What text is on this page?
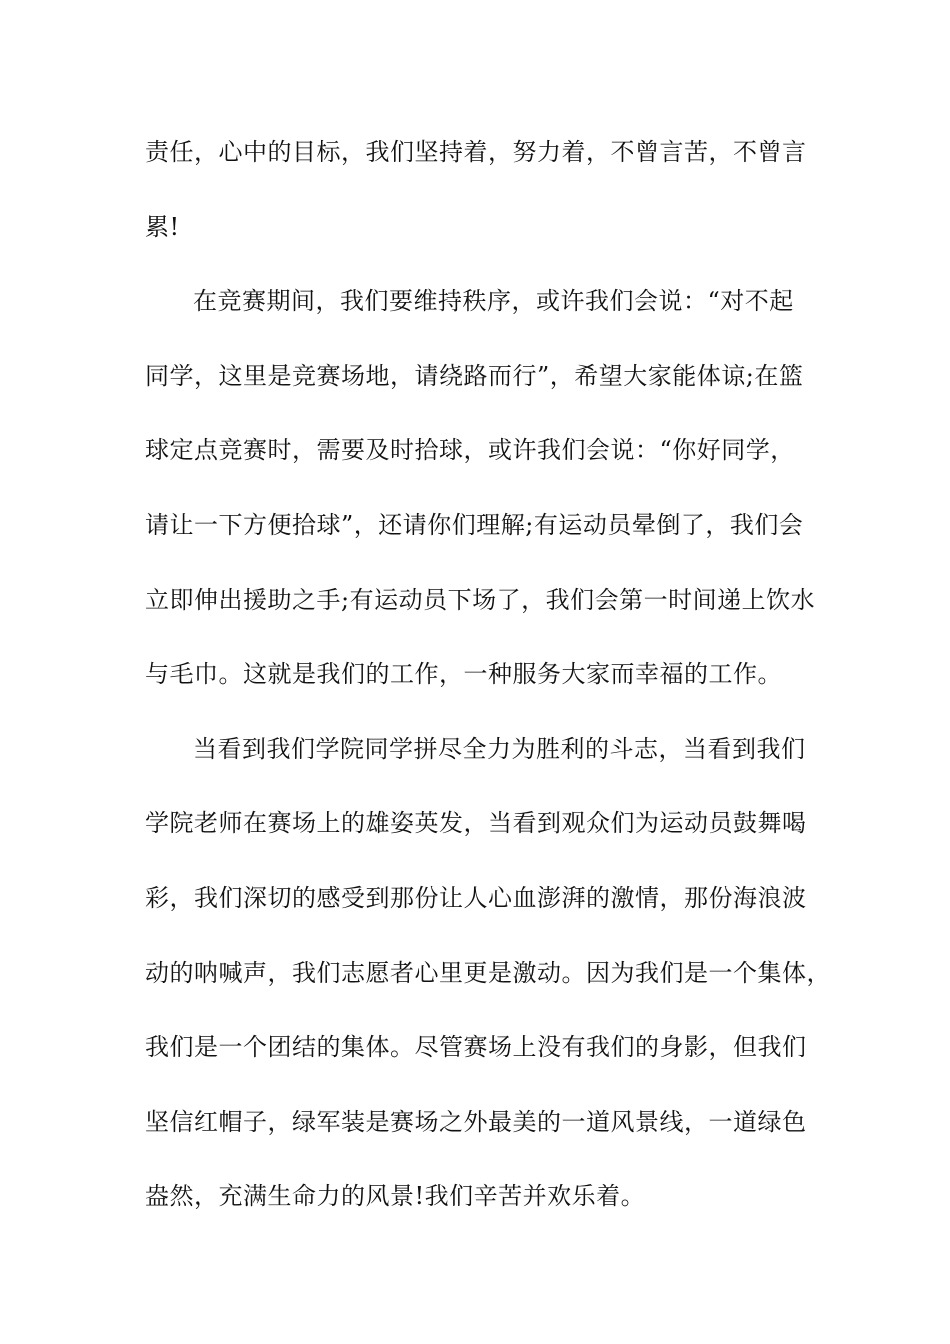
责任，心中的目标，我们坚持着，努力着，不曾言苦，不曾言
累!
在竞赛期间，我们要维持秩序，或许我们会说：“对不起
同学，这里是竞赛场地，请绕路而行”，希望大家能体谅;在篮
球定点竞赛时，需要及时拾球，或许我们会说：“你好同学，
请让一下方便拾球”，还请你们理解;有运动员晕倒了，我们会
立即伸出援助之手;有运动员下场了，我们会第一时间递上饮水
与毛巾。这就是我们的工作，一种服务大家而幸福的工作。
当看到我们学院同学拼尽全力为胜利的斗志，当看到我们
学院老师在赛场上的雄姿英发，当看到观众们为运动员鼓舞喝
彩，我们深切的感受到那份让人心血澎湃的激情，那份海浪波
动的呐喊声，我们志愿者心里更是激动。因为我们是一个集体，
我们是一个团结的集体。尽管赛场上没有我们的身影，但我们
坚信红帽子，绿军装是赛场之外最美的一道风景线，一道绿色
盎然，充满生命力的风景!我们辛苦并欢乐着。
